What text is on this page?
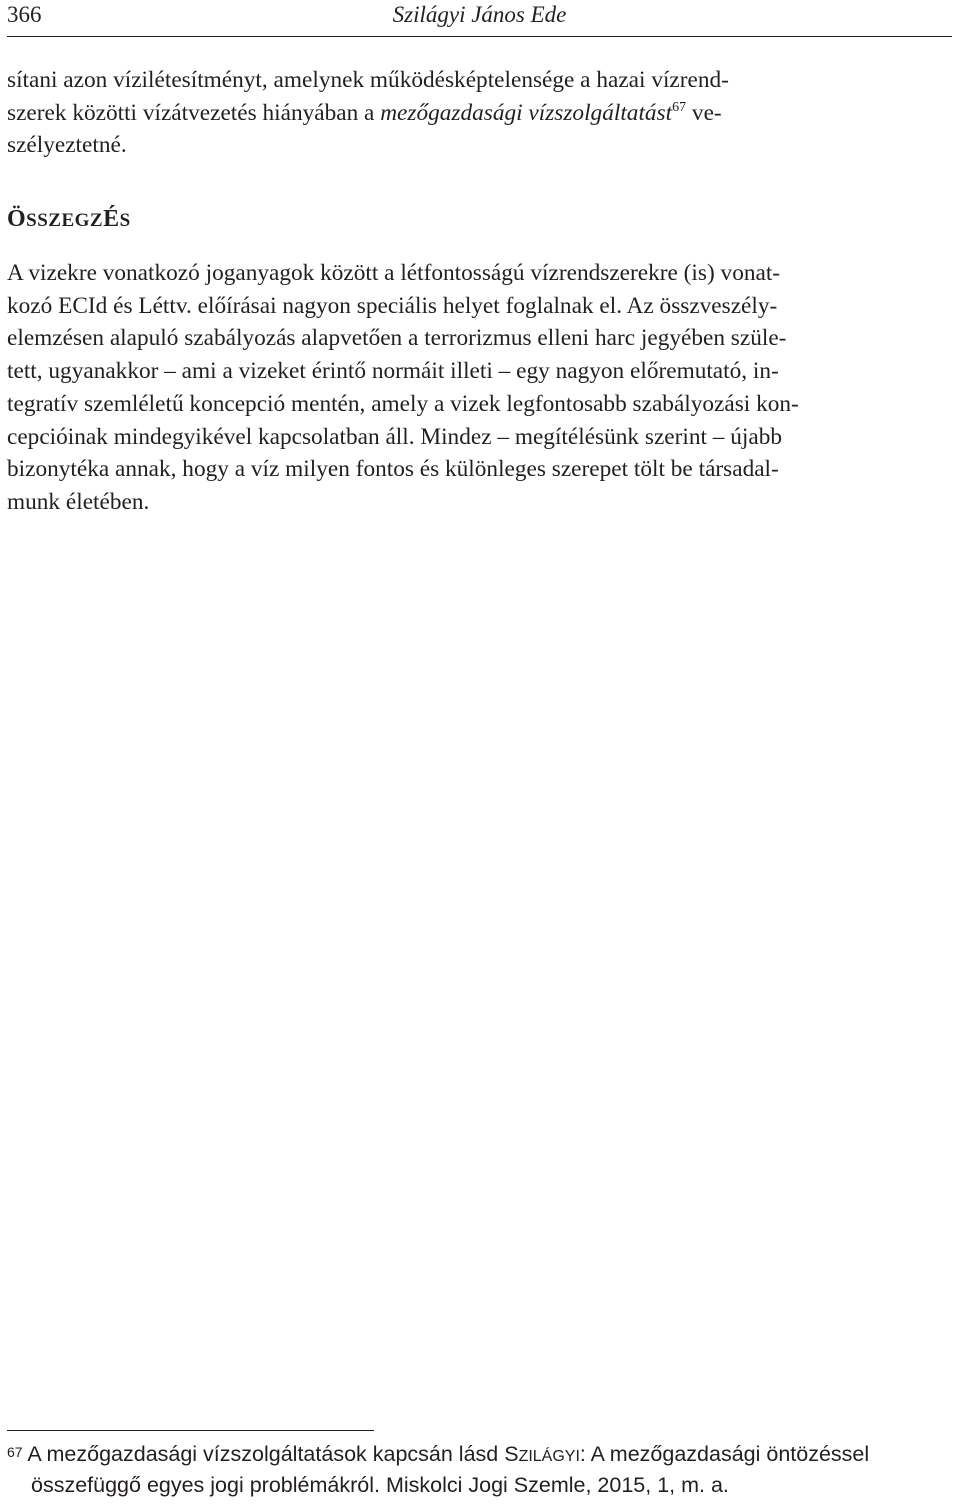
366	Szilágyi János Ede
sítani azon vízilétesítményt, amelynek működésképtelensége a hazai vízrend-
szerek közötti vízátvezetés hiányában a mezőgazdasági vízszolgáltatást$^{67}$ ve-
szélyeztetné.
ÖSSZEGZÉS
A vizekre vonatkozó joganyagok között a létfontosságú vízrendszerekre (is) vonat-
kozó ECId és Léttv. előírásai nagyon speciális helyet foglalnak el. Az összveszély-
elemzésen alapuló szabályozás alapvetően a terrorizmus elleni harc jegyében szüle-
tett, ugyanakkor – ami a vizeket érintő normáit illeti – egy nagyon előremutató, in-
tegratív szemléletű koncepció mentén, amely a vizek legfontosabb szabályozási kon-
cepcióinak mindegyikével kapcsolatban áll. Mindez – megítélésünk szerint – újabb
bizonytéka annak, hogy a víz milyen fontos és különleges szerepet tölt be társadal-
munk életében.
$^{67}$ A mezőgazdasági vízszolgáltatások kapcsán lásd SZILÁGYI: A mezőgazdasági öntözéssel
összefüggő egyes jogi problémákról. Miskolci Jogi Szemle, 2015, 1, m. a.
